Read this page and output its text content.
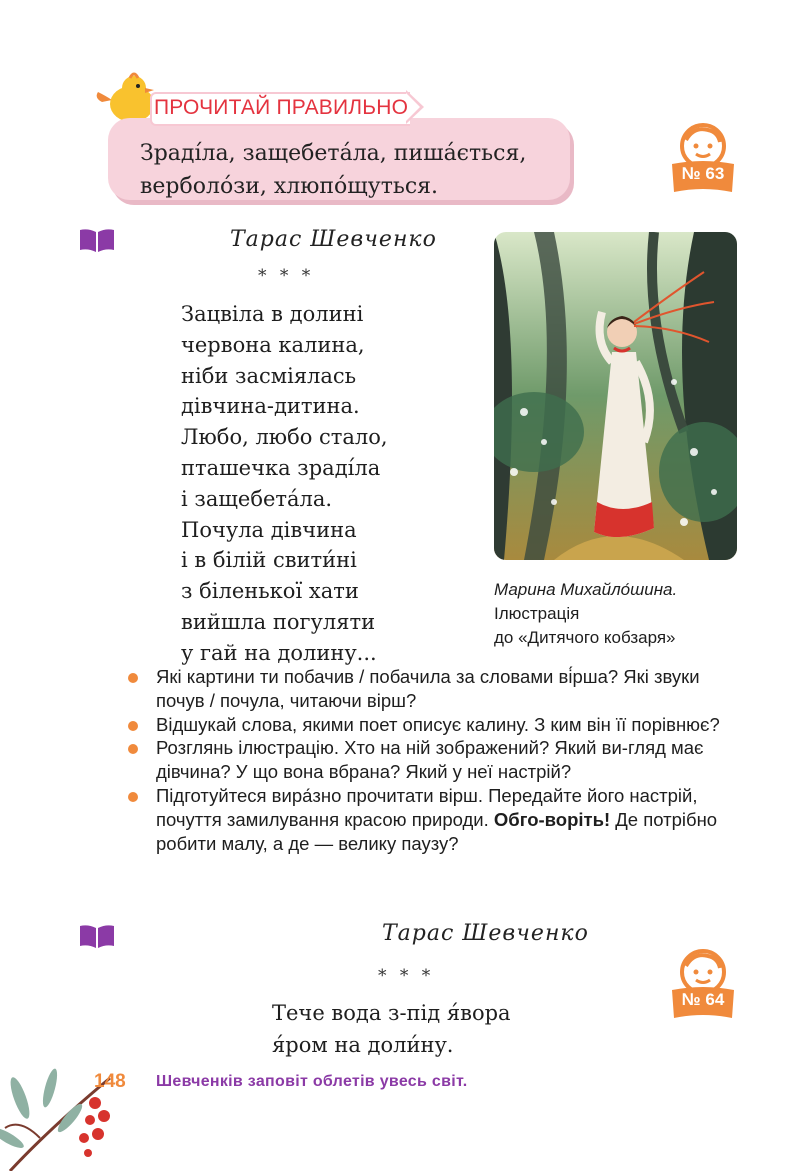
ПРОЧИТАЙ ПРАВИЛЬНО
Зраді́ла, защебета́ла, пиша́ється,
верболо́зи, хлюпо́щуться.
№ 63
Тарас Шевченко
* * *
Зацвіла в долині
червона калина,
ніби засміялась
дівчина-дитина.
Любо, любо стало,
пташечка зраді́ла
і защебета́ла.
Почула дівчина
і в білій свити́ні
з біленької хати
вийшла погуляти
у гай на долину...
Марина Михайло́шина.
Ілюстрація
до «Дитячого кобзаря»
Які картини ти побачив / побачила за словами ві́рша? Які звуки почув / почула, читаючи вірш?
Відшукай слова, якими поет описує калину. З ким він її порівнює?
Розглянь ілюстрацію. Хто на ній зображений? Який ви-гляд має дівчина? У що вона вбрана? Який у неї настрій?
Підготуйтеся вира́зно прочитати вірш. Передайте його настрій, почуття замилування красою природи. Обго-воріть! Де потрібно робити малу, а де — велику паузу?
Тарас Шевченко
* * *
Тече вода з-під я́вора
я́ром на доли́ну.
№ 64
148 Шевченків заповіт облетів увесь світ.
